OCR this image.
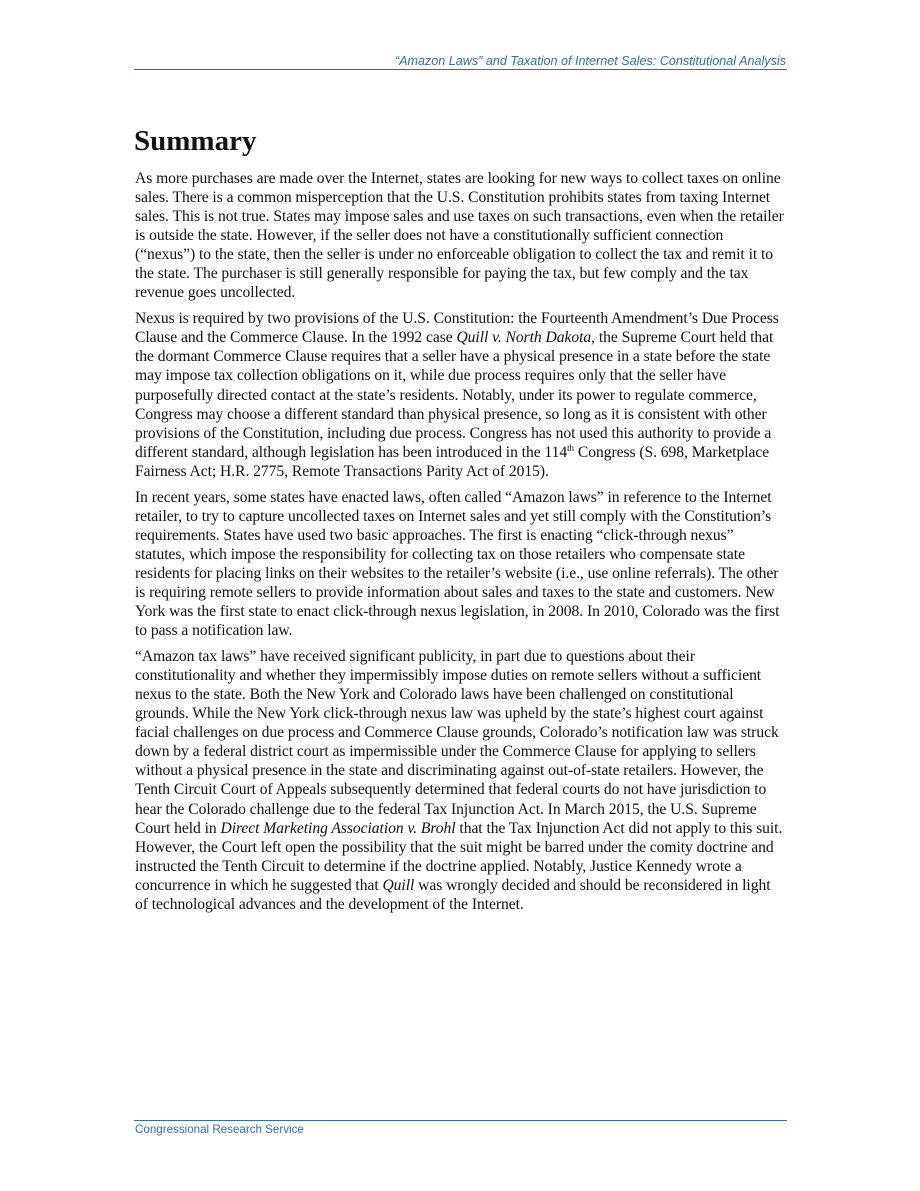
“Amazon Laws” and Taxation of Internet Sales: Constitutional Analysis
Summary

As more purchases are made over the Internet, states are looking for new ways to collect taxes on online sales. There is a common misperception that the U.S. Constitution prohibits states from taxing Internet sales. This is not true. States may impose sales and use taxes on such transactions, even when the retailer is outside the state. However, if the seller does not have a constitutionally sufficient connection (“nexus”) to the state, then the seller is under no enforceable obligation to collect the tax and remit it to the state. The purchaser is still generally responsible for paying the tax, but few comply and the tax revenue goes uncollected.

Nexus is required by two provisions of the U.S. Constitution: the Fourteenth Amendment’s Due Process Clause and the Commerce Clause. In the 1992 case Quill v. North Dakota, the Supreme Court held that the dormant Commerce Clause requires that a seller have a physical presence in a state before the state may impose tax collection obligations on it, while due process requires only that the seller have purposefully directed contact at the state’s residents. Notably, under its power to regulate commerce, Congress may choose a different standard than physical presence, so long as it is consistent with other provisions of the Constitution, including due process. Congress has not used this authority to provide a different standard, although legislation has been introduced in the 114th Congress (S. 698, Marketplace Fairness Act; H.R. 2775, Remote Transactions Parity Act of 2015).

In recent years, some states have enacted laws, often called “Amazon laws” in reference to the Internet retailer, to try to capture uncollected taxes on Internet sales and yet still comply with the Constitution’s requirements. States have used two basic approaches. The first is enacting “click-through nexus” statutes, which impose the responsibility for collecting tax on those retailers who compensate state residents for placing links on their websites to the retailer’s website (i.e., use online referrals). The other is requiring remote sellers to provide information about sales and taxes to the state and customers. New York was the first state to enact click-through nexus legislation, in 2008. In 2010, Colorado was the first to pass a notification law.

“Amazon tax laws” have received significant publicity, in part due to questions about their constitutionality and whether they impermissibly impose duties on remote sellers without a sufficient nexus to the state. Both the New York and Colorado laws have been challenged on constitutional grounds. While the New York click-through nexus law was upheld by the state’s highest court against facial challenges on due process and Commerce Clause grounds, Colorado’s notification law was struck down by a federal district court as impermissible under the Commerce Clause for applying to sellers without a physical presence in the state and discriminating against out-of-state retailers. However, the Tenth Circuit Court of Appeals subsequently determined that federal courts do not have jurisdiction to hear the Colorado challenge due to the federal Tax Injunction Act. In March 2015, the U.S. Supreme Court held in Direct Marketing Association v. Brohl that the Tax Injunction Act did not apply to this suit. However, the Court left open the possibility that the suit might be barred under the comity doctrine and instructed the Tenth Circuit to determine if the doctrine applied. Notably, Justice Kennedy wrote a concurrence in which he suggested that Quill was wrongly decided and should be reconsidered in light of technological advances and the development of the Internet.

Congressional Research Service
